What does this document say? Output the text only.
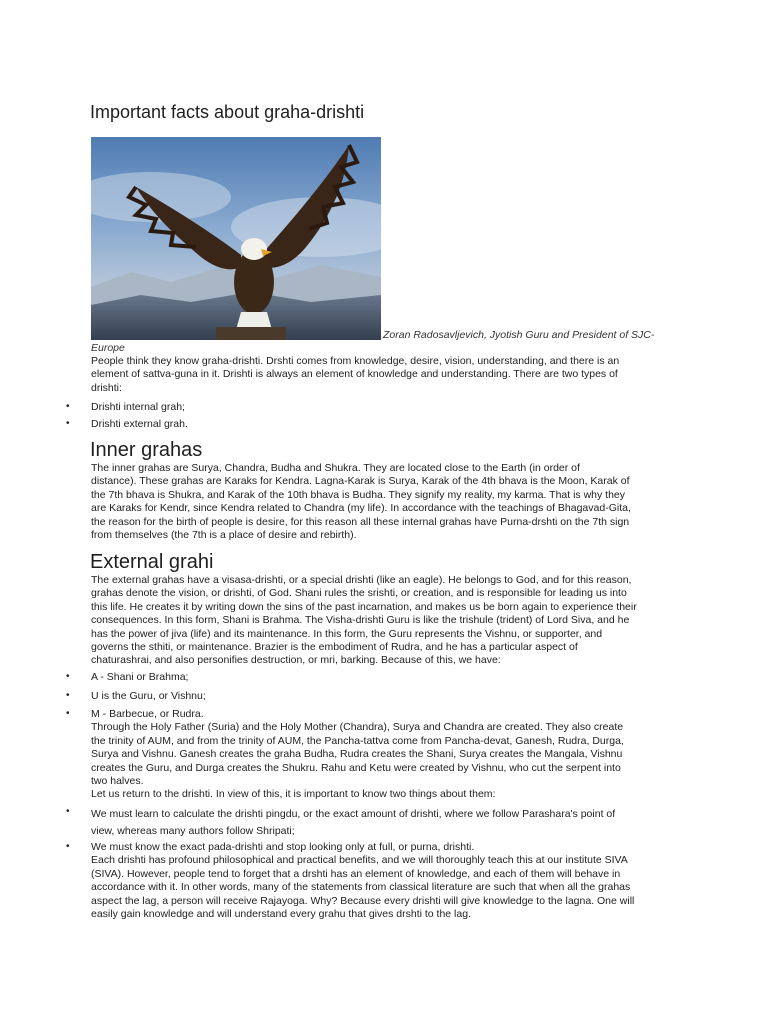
Important facts about graha-drishti
Zoran Radosavljevich, Jyotish Guru and President of SJC-
Europe
People think they know graha-drishti. Drshti comes from knowledge, desire, vision, understanding, and there is an
element of sattva-guna in it. Drishti is always an element of knowledge and understanding. There are two types of
drishti:
• Drishti internal grah;
• Drishti external grah.
Inner grahas
The inner grahas are Surya, Chandra, Budha and Shukra. They are located close to the Earth (in order of
distance). These grahas are Karaks for Kendra. Lagna-Karak is Surya, Karak of the 4th bhava is the Moon, Karak of
the 7th bhava is Shukra, and Karak of the 10th bhava is Budha. They signify my reality, my karma. That is why they
are Karaks for Kendr, since Kendra related to Chandra (my life). In accordance with the teachings of Bhagavad-Gita,
the reason for the birth of people is desire, for this reason all these internal grahas have Purna-drshti on the 7th sign
from themselves (the 7th is a place of desire and rebirth).
External grahi
The external grahas have a visasa-drishti, or a special drishti (like an eagle). He belongs to God, and for this reason,
grahas denote the vision, or drishti, of God. Shani rules the srishti, or creation, and is responsible for leading us into
this life. He creates it by writing down the sins of the past incarnation, and makes us be born again to experience their
consequences. In this form, Shani is Brahma. The Visha-drishti Guru is like the trishule (trident) of Lord Siva, and he
has the power of jiva (life) and its maintenance. In this form, the Guru represents the Vishnu, or supporter, and
governs the sthiti, or maintenance. Brazier is the embodiment of Rudra, and he has a particular aspect of
chaturashrai, and also personifies destruction, or mri, barking. Because of this, we have:
• A - Shani or Brahma;
• U is the Guru, or Vishnu;
• M - Barbecue, or Rudra.
Through the Holy Father (Suria) and the Holy Mother (Chandra), Surya and Chandra are created. They also create
the trinity of AUM, and from the trinity of AUM, the Pancha-tattva come from Pancha-devat, Ganesh, Rudra, Durga,
Surya and Vishnu. Ganesh creates the graha Budha, Rudra creates the Shani, Surya creates the Mangala, Vishnu
creates the Guru, and Durga creates the Shukru. Rahu and Ketu were created by Vishnu, who cut the serpent into
two halves.
Let us return to the drishti. In view of this, it is important to know two things about them:
• We must learn to calculate the drishti pingdu, or the exact amount of drishti, where we follow Parashara's point of
view, whereas many authors follow Shripati;
• We must know the exact pada-drishti and stop looking only at full, or purna, drishti.
Each drishti has profound philosophical and practical benefits, and we will thoroughly teach this at our institute SIVA
(SIVA). However, people tend to forget that a drshti has an element of knowledge, and each of them will behave in
accordance with it. In other words, many of the statements from classical literature are such that when all the grahas
aspect the lag, a person will receive Rajayoga. Why? Because every drishti will give knowledge to the lagna. One will
easily gain knowledge and will understand every grahu that gives drshti to the lag.
